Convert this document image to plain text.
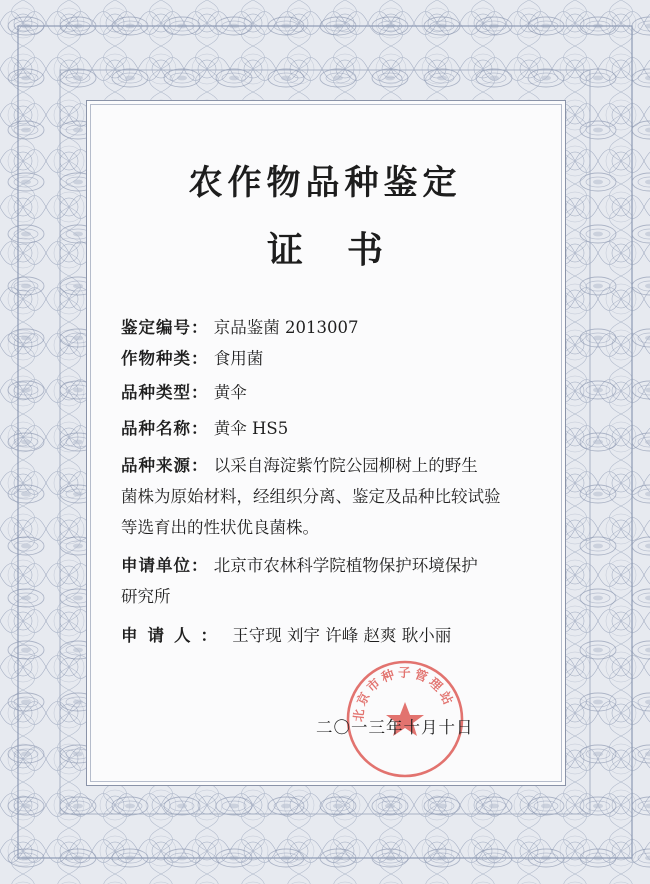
农作物品种鉴定
证书
鉴定编号： 京品鉴菌 2013007
作物种类： 食用菌
品种类型： 黄伞
品种名称： 黄伞 HS5
品种来源： 以采自海淀紫竹院公园柳树上的野生
菌株为原始材料，经组织分离、鉴定及品种比较试验
等选育出的性状优良菌株。
申请单位： 北京市农林科学院植物保护环境保护
研究所
申请人： 王守现 刘宇 许峰 赵爽 耿小丽
北京市种子管理站
二〇一三年十月十日
